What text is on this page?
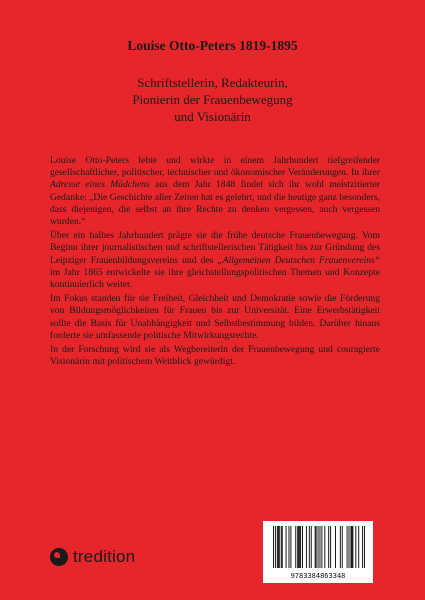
Louise Otto-Peters 1819-1895
Schriftstellerin, Redakteurin,
Pionierin der Frauenbewegung
und Visionärin

Louise Otto-Peters lebte und wirkte in einem Jahrhundert tiefgreifender gesellschaftlicher, politischer, technischer und ökonomischer Veränderungen. In ihrer Adresse eines Mädchens aus dem Jahr 1848 findet sich ihr wohl meistzitierter Gedanke: „Die Geschichte aller Zeiten hat es gelehrt, und die heutige ganz besonders, dass diejenigen, die selbst an ihre Rechte zu denken vergessen, auch vergessen wurden.“

Über ein halbes Jahrhundert prägte sie die frühe deutsche Frauenbewegung. Vom Beginn ihrer journalistischen und schriftstellerischen Tätigkeit bis zur Gründung des Leipziger Frauenbildungsvereins und des „Allgemeinen Deutschen Frauenvereins“ im Jahr 1865 entwickelte sie ihre gleichstellungspolitischen Themen und Konzepte kontinuierlich weiter.

Im Fokus standen für sie Freiheit, Gleichheit und Demokratie sowie die Förderung von Bildungsmöglichkeiten für Frauen bis zur Universität. Eine Erwerbstätigkeit sollte die Basis für Unabhängigkeit und Selbstbestimmung bilden. Darüber hinaus forderte sie umfassende politische Mitwirkungsrechte.

In der Forschung wird sie als Wegbereiterin der Frauenbewegung und couragierte Visionärin mit politischem Weitblick gewürdigt.

tredition
9783384863348
